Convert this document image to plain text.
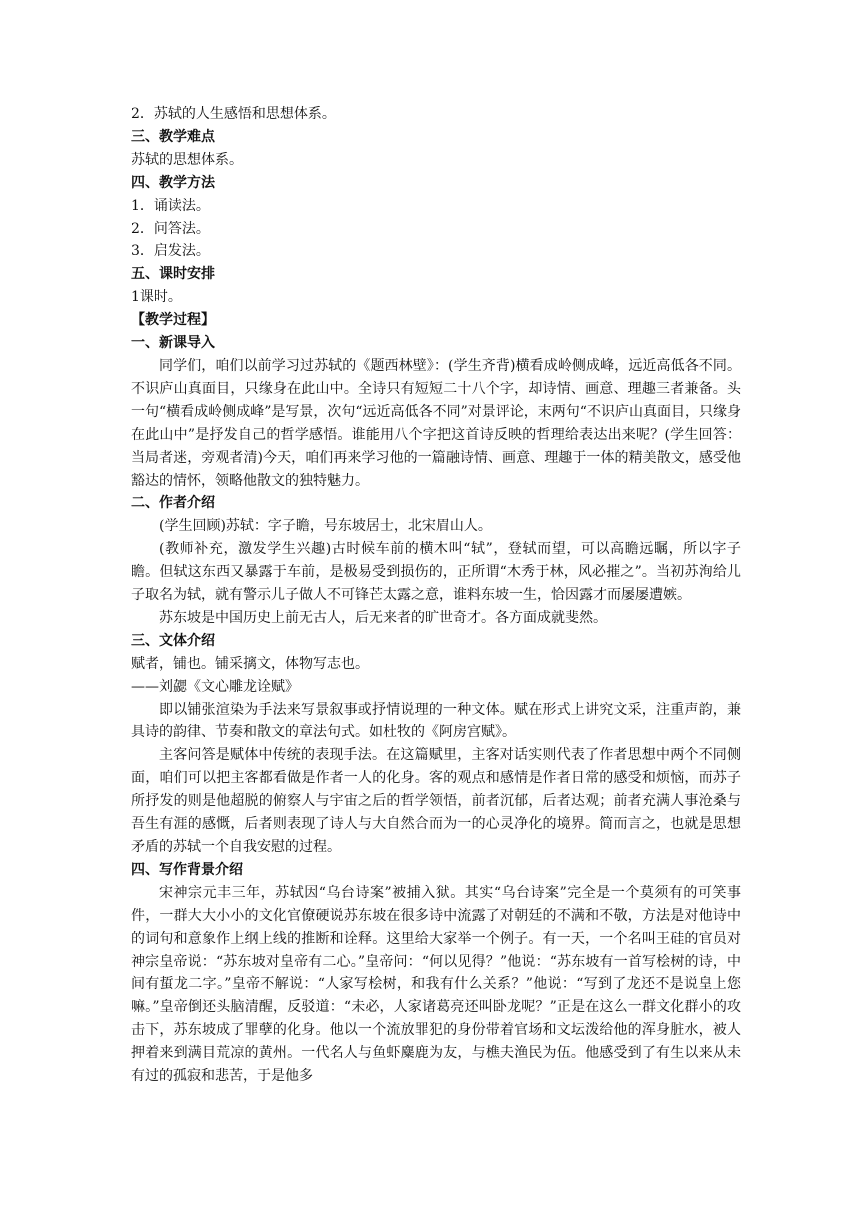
2．苏轼的人生感悟和思想体系。

三、教学难点

苏轼的思想体系。

四、教学方法

1．诵读法。

2．问答法。

3．启发法。

五、课时安排

1课时。

【教学过程】

一、新课导入

同学们，咱们以前学习过苏轼的《题西林壁》：(学生齐背)横看成岭侧成峰，远近高低各不同。不识庐山真面目，只缘身在此山中。全诗只有短短二十八个字，却诗情、画意、理趣三者兼备。头一句“横看成岭侧成峰”是写景，次句“远近高低各不同”对景评论，末两句“不识庐山真面目，只缘身在此山中”是抒发自己的哲学感悟。谁能用八个字把这首诗反映的哲理给表达出来呢？(学生回答：当局者迷，旁观者清)今天，咱们再来学习他的一篇融诗情、画意、理趣于一体的精美散文，感受他豁达的情怀，领略他散文的独特魅力。

二、作者介绍

(学生回顾)苏轼：字子瞻，号东坡居士，北宋眉山人。

(教师补充，激发学生兴趣)古时候车前的横木叫“轼”，登轼而望，可以高瞻远瞩，所以字子瞻。但轼这东西又暴露于车前，是极易受到损伤的，正所谓“木秀于林，风必摧之”。当初苏洵给儿子取名为轼，就有警示儿子做人不可锋芒太露之意，谁料东坡一生，恰因露才而屡屡遭嫉。

苏东坡是中国历史上前无古人，后无来者的旷世奇才。各方面成就斐然。

三、文体介绍

赋者，铺也。铺采摛文，体物写志也。

——刘勰《文心雕龙诠赋》

即以铺张渲染为手法来写景叙事或抒情说理的一种文体。赋在形式上讲究文采，注重声韵，兼具诗的韵律、节奏和散文的章法句式。如杜牧的《阿房宫赋》。

主客问答是赋体中传统的表现手法。在这篇赋里，主客对话实则代表了作者思想中两个不同侧面，咱们可以把主客都看做是作者一人的化身。客的观点和感情是作者日常的感受和烦恼，而苏子所抒发的则是他超脱的俯察人与宇宙之后的哲学领悟，前者沉郁，后者达观；前者充满人事沧桑与吾生有涯的感慨，后者则表现了诗人与大自然合而为一的心灵净化的境界。简而言之，也就是思想矛盾的苏轼一个自我安慰的过程。

四、写作背景介绍

宋神宗元丰三年，苏轼因“乌台诗案”被捕入狱。其实“乌台诗案”完全是一个莫须有的可笑事件，一群大大小小的文化官僚硬说苏东坡在很多诗中流露了对朝廷的不满和不敬，方法是对他诗中的词句和意象作上纲上线的推断和诠释。这里给大家举一个例子。有一天，一个名叫王硅的官员对神宗皇帝说：“苏东坡对皇帝有二心。”皇帝问：“何以见得？”他说：“苏东坡有一首写桧树的诗，中间有蜇龙二字。”皇帝不解说：“人家写桧树，和我有什么关系？”他说：“写到了龙还不是说皇上您嘛。”皇帝倒还头脑清醒，反驳道：“未必，人家诸葛亮还叫卧龙呢？”正是在这么一群文化群小的攻击下，苏东坡成了罪孽的化身。他以一个流放罪犯的身份带着官场和文坛泼给他的浑身脏水，被人押着来到满目荒凉的黄州。一代名人与鱼虾麋鹿为友，与樵夫渔民为伍。他感受到了有生以来从未有过的孤寂和悲苦，于是他多
